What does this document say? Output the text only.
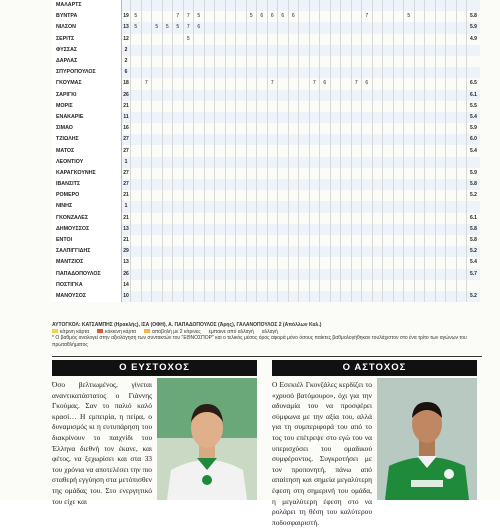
ΜΑΛΑΡΤΣ																																		
ΒΥΝΤΡΑ	19	5				7	7	5					5	6	6	6	6							7				5						5.8
ΝΙΛΣΟΝ	13	5		5	5	5	7	6																										5.9
ΣΕΡΙΤΣ	12						5																											4.9
ΦΥΣΣΑΣ	2																																	
ΔΑΡΛΑΣ	2																																	
ΣΠΥΡΟΠΟΥΛΟΣ	6																																	
ΓΚΟΥΜΑΣ	18		7												7				7	6			7	6										6.5
ΣΑΡΙΓΚΙ	26																																	6.1
ΜΟΡΙΣ	21																																	5.5
ΕΝΑΚΑΡΙΕ	11																																	5.4
ΣΙΜΑΟ	16																																	5.9
ΤΖΙΩΛΗΣ	27																																	6.0
ΜΑΤΟΣ	27																																	5.4
ΛΕΟΝΤΙΟΥ	1																																	
ΚΑΡΑΓΚΟΥΝΗΣ	27																																	5.9
ΙΒΑΝΣΙΤΣ	27																																	5.8
ΡΟΜΕΡΟ	21																																	5.2
ΝΙΝΗΣ	1																																	
ΓΚΟΝΖΑΛΕΣ	21																																	6.1
ΔΗΜΟΥΣΣΟΣ	13																																	5.8
ΕΝΤΟΙ	21																																	5.8
ΣΑΛΠΙΓΓΙΔΗΣ	29																																	5.2
ΜΑΝΤΖΙΟΣ	13																																	5.4
ΠΑΠΑΔΟΠΟΥΛΟΣ	26																																	5.7
ΠΟΣΤΙΓΚΑ	14																																	
ΜΑΝΟΥΣΟΣ	10																																	5.2
ΑΥΤΟΓΚΟΛ: ΚΑΤΣΑΜΠΗΣ (Ηρακλής), ΙΣΑ (ΟΦΗ), Α. ΠΑΠΑΔΟΠΟΥΛΟΣ (Άρης), ΓΑΛΑΝΟΠΟΥΛΟΣ 2 (Απόλλων Καλ.)
κίτρινη κάρτα	κόκκινη κάρτα	αποβολή με 2 κίτρινες έμπαινε από αλλαγή αλλαγή
* Ο βαθμός αναλογεί στην αξιολόγηση των συντακτών του "ΕΘΝΟΣΠΟΡ" και ο τελικός μέσος όρος αφορά μόνο όσους παίκτες βαθμολογήθηκαν τουλάχιστον στο ένα τρίτο των αγώνων του πρωταθλήματος
Ο ΕΥΣΤΟΧΟΣ
Όσο βελτιωμένος, γίνεται αναντικατάστατος ο Γιάννης Γκούμας. Σαν το παλιό καλό κρασί… Η εμπειρία, η πείρα, ο δυναμισμός κι η ευτυπάρηση του διακρίνουν το παιχνίδι του Έλληνα διεθνή τον έκανε, και φέτος, να ξεχωρίσει και στα 33 του χρόνια να αποτελέσει την πιο σταθερή εγγύηση στα μετόπισθεν της ομάδας του. Στο ενεργητικό του είχε και
Ο ΑΣΤΟΧΟΣ
Ο Εσεκιέλ Γκονζάλες κερδίζει το «χρυσό βατόμουρο», όχι για την αδυναμία του να προσφέρει σύμφωνα με την αξία του, αλλά για τη συμπεριφορά του από το τος του επέτρεψε στο εγώ του να υπερισχύσει του ομαδικού συμφέροντος. Συγκροτήσει με τον προπονητή, πάνω από απαίτηση και σημεία μεγαλύτερη έφεση στη σημερινή του ομάδα, η μεγαλύτερη έφεση στο να ρολάρει τη θέση του καλύτερου ποδοσφαιριστή.
